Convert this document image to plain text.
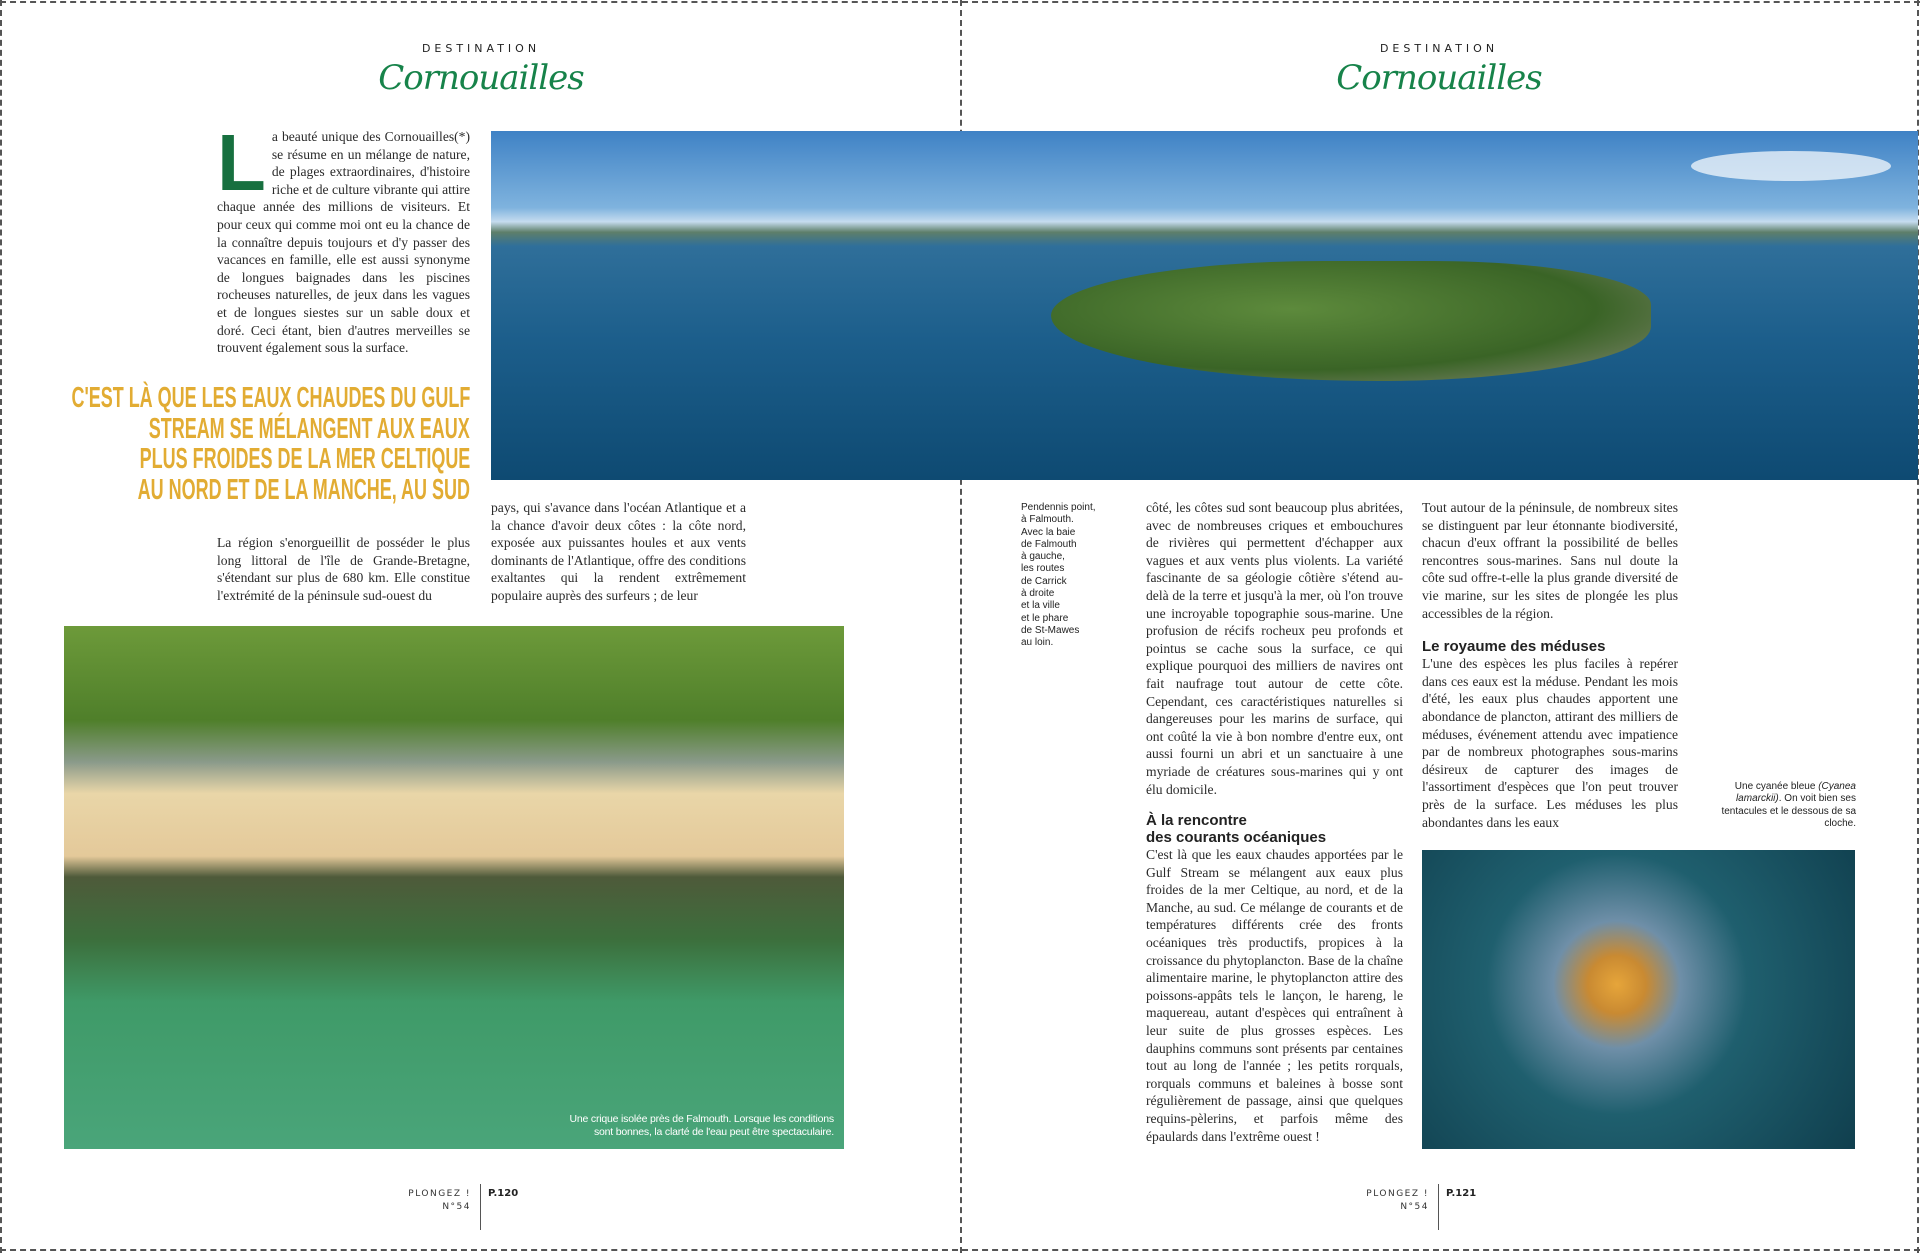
DESTINATION
Cornouailles
DESTINATION
Cornouailles
La beauté unique des Cornouailles(*) se résume en un mélange de nature, de plages extraordinaires, d'histoire riche et de culture vibrante qui attire chaque année des millions de visiteurs. Et pour ceux qui comme moi ont eu la chance de la connaître depuis toujours et d'y passer des vacances en famille, elle est aussi synonyme de longues baignades dans les piscines rocheuses naturelles, de jeux dans les vagues et de longues siestes sur un sable doux et doré. Ceci étant, bien d'autres merveilles se trouvent également sous la surface.
C'EST LÀ QUE LES EAUX CHAUDES DU GULF
STREAM SE MÉLANGENT AUX EAUX
PLUS FROIDES DE LA MER CELTIQUE
AU NORD ET DE LA MANCHE, AU SUD
La région s'enorgueillit de posséder le plus long littoral de l'île de Grande-Bretagne, s'étendant sur plus de 680 km. Elle constitue l'extrémité de la péninsule sud-ouest du
pays, qui s'avance dans l'océan Atlantique et a la chance d'avoir deux côtes : la côte nord, exposée aux puissantes houles et aux vents dominants de l'Atlantique, offre des conditions exaltantes qui la rendent extrêmement populaire auprès des surfeurs ; de leur
Une crique isolée près de Falmouth. Lorsque les conditions
sont bonnes, la clarté de l'eau peut être spectaculaire.
PLONGEZ !
N°54
P.120
Pendennis point,
à Falmouth.
Avec la baie
de Falmouth
à gauche,
les routes
de Carrick
à droite
et la ville
et le phare
de St-Mawes
au loin.

côté, les côtes sud sont beaucoup plus abritées, avec de nombreuses criques et embouchures de rivières qui permettent d'échapper aux vagues et aux vents plus violents. La variété fascinante de sa géologie côtière s'étend au-delà de la terre et jusqu'à la mer, où l'on trouve une incroyable topographie sous-marine. Une profusion de récifs rocheux peu profonds et pointus se cache sous la surface, ce qui explique pourquoi des milliers de navires ont fait naufrage tout autour de cette côte. Cependant, ces caractéristiques naturelles si dangereuses pour les marins de surface, qui ont coûté la vie à bon nombre d'entre eux, ont aussi fourni un abri et un sanctuaire à une myriade de créatures sous-marines qui y ont élu domicile.

À la rencontre
des courants océaniques

C'est là que les eaux chaudes apportées par le Gulf Stream se mélangent aux eaux plus froides de la mer Celtique, au nord, et de la Manche, au sud. Ce mélange de courants et de températures différents crée des fronts océaniques très productifs, propices à la croissance du phytoplancton. Base de la chaîne alimentaire marine, le phytoplancton attire des poissons-appâts tels le lançon, le hareng, le maquereau, autant d'espèces qui entraînent à leur suite de plus grosses espèces. Les dauphins communs sont présents par centaines tout au long de l'année ; les petits rorquals, rorquals communs et baleines à bosse sont régulièrement de passage, ainsi que quelques requins-pèlerins, et parfois même des épaulards dans l'extrême ouest !

Tout autour de la péninsule, de nombreux sites se distinguent par leur étonnante biodiversité, chacun d'eux offrant la possibilité de belles rencontres sous-marines. Sans nul doute la côte sud offre-t-elle la plus grande diversité de vie marine, sur les sites de plongée les plus accessibles de la région.

Le royaume des méduses

L'une des espèces les plus faciles à repérer dans ces eaux est la méduse. Pendant les mois d'été, les eaux plus chaudes apportent une abondance de plancton, attirant des milliers de méduses, événement attendu avec impatience par de nombreux photographes sous-marins désireux de capturer des images de l'assortiment d'espèces que l'on peut trouver près de la surface. Les méduses les plus abondantes dans les eaux

Une cyanée bleue (Cyanea lamarckii). On voit bien ses tentacules et le dessous de sa cloche.
PLONGEZ !
N°54
P.121
